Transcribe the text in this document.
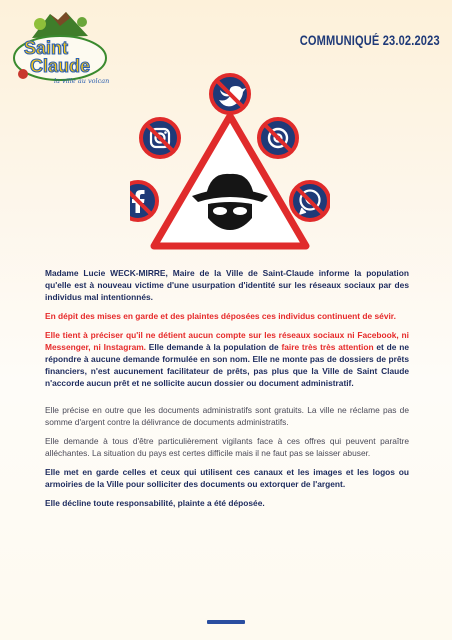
Saint
Claude
la ville au volcan
COMMUNIQUÉ 23.02.2023

Madame Lucie WECK-MIRRE, Maire de la Ville de Saint-Claude informe la population qu'elle est à nouveau victime d'une usurpation d'identité sur les réseaux sociaux par des individus mal intentionnés.

En dépit des mises en garde et des plaintes déposées ces individus continuent de sévir.

Elle tient à préciser qu'il ne détient aucun compte sur les réseaux sociaux ni Facebook, ni Messenger, ni Instagram. Elle demande à la population de faire très très attention et de ne répondre à aucune demande formulée en son nom. Elle ne monte pas de dossiers de prêts financiers, n'est aucunement facilitateur de prêts, pas plus que la Ville de Saint Claude n'accorde aucun prêt et ne sollicite aucun dossier ou document administratif.

Elle précise en outre que les documents administratifs sont gratuits. La ville ne réclame pas de somme d'argent contre la délivrance de documents administratifs.

Elle demande à tous d'être particulièrement vigilants face à ces offres qui peuvent paraître alléchantes. La situation du pays est certes difficile mais il ne faut pas se laisser abuser.

Elle met en garde celles et ceux qui utilisent ces canaux et les images et les logos ou armoiries de la Ville pour solliciter des documents ou extorquer de l'argent.

Elle décline toute responsabilité, plainte a été déposée.
